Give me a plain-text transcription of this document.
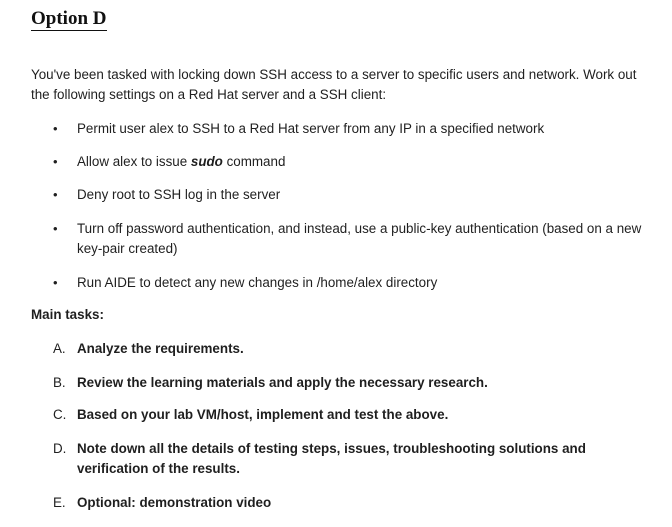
Option D
You've been tasked with locking down SSH access to a server to specific users and network. Work out the following settings on a Red Hat server and a SSH client:
•	Permit user alex to SSH to a Red Hat server from any IP in a specified network
•	Allow alex to issue sudo command
•	Deny root to SSH log in the server
•	Turn off password authentication, and instead, use a public-key authentication (based on a new key-pair created)
•	Run AIDE to detect any new changes in /home/alex directory
Main tasks:
A. Analyze the requirements.
B. Review the learning materials and apply the necessary research.
C. Based on your lab VM/host, implement and test the above.
D. Note down all the details of testing steps, issues, troubleshooting solutions and verification of the results.
E. Optional: demonstration video
